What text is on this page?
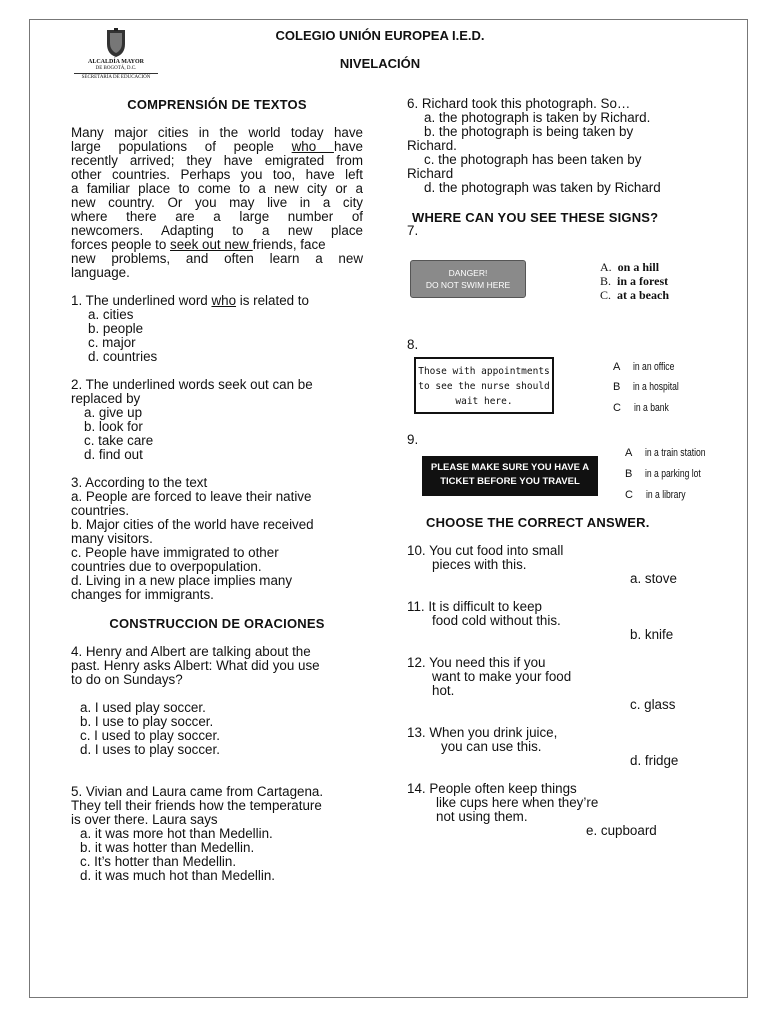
ALCALDÍA MAYOR
DE BOGOTÁ, D.C.
SECRETARÍA DE EDUCACIÓN
COLEGIO UNIÓN EUROPEA I.E.D.
NIVELACIÓN
COMPRENSIÓN DE TEXTOS
Many major cities in the world today have
large populations of people who have
recently arrived; they have emigrated from
other countries. Perhaps you too, have left
a familiar place to come to a new city or a
new country. Or you may live in a city
where there are a large number of
newcomers. Adapting to a new place
forces people to seek out new friends, face
new problems, and often learn a new
language.
1. The underlined word who is related to
a. cities
b. people
c. major
d. countries
2. The underlined words seek out can be
replaced by
a. give up
b. look for
c. take care
d. find out
3. According to the text
a. People are forced to leave their native
countries.
b. Major cities of the world have received
many visitors.
c. People have immigrated to other
countries due to overpopulation.
d. Living in a new place implies many
changes for immigrants.
CONSTRUCCION DE ORACIONES
4. Henry and Albert are talking about the
past. Henry asks Albert: What did you use
to do on Sundays?
a. I used play soccer.
b. I use to play soccer.
c. I used to play soccer.
d. I uses to play soccer.
5. Vivian and Laura came from Cartagena.
They tell their friends how the temperature
is over there. Laura says
a. it was more hot than Medellin.
b. it was hotter than Medellin.
c. It’s hotter than Medellin.
d. it was much hot than Medellin.
6. Richard took this photograph. So…
a. the photograph is taken by Richard.
b. the photograph is being taken by
Richard.
c. the photograph has been taken by
Richard
d. the photograph was taken by Richard
WHERE CAN YOU SEE THESE SIGNS?
7.
DANGER!
DO NOT SWIM HERE
A. on a hill
B. in a forest
C. at a beach
8.
Those with appointments
to see the nurse should
wait here.
A in an office
B in a hospital
C in a bank
9.
PLEASE MAKE SURE YOU HAVE A
TICKET BEFORE YOU TRAVEL
A in a train station
B in a parking lot
C in a library
CHOOSE THE CORRECT ANSWER.
10. You cut food into small
pieces with this.
a. stove
11. It is difficult to keep
food cold without this.
b. knife
12. You need this if you
want to make your food
hot.
c. glass
13. When you drink juice,
you can use this.
d. fridge
14. People often keep things
like cups here when they’re
not using them.
e. cupboard
